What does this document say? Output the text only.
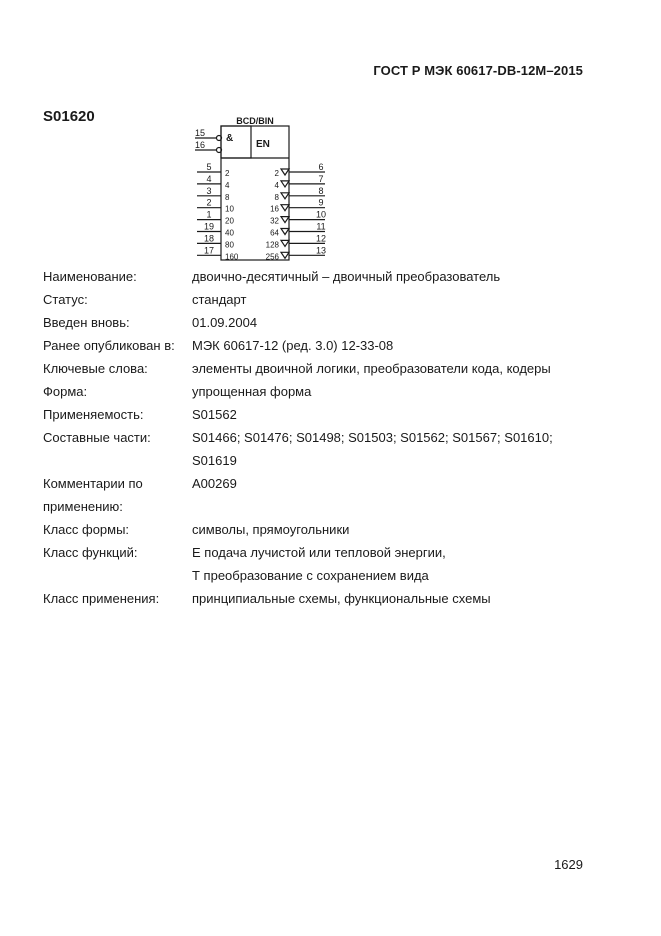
ГОСТ Р МЭК 60617-DB-12M–2015
S01620	BCD/BIN
&
EN
15
16
5
2
4
4
3
8
2
10
1
20
19
40
18
80
17
160
2
6
4
7
8
8
16
9
32
10
64
11
128
12
256
13
Наименование:	двоично-десятичный – двоичный преобразователь
Статус:	стандарт
Введен вновь:	01.09.2004
Ранее опубликован в:	МЭК 60617-12 (ред. 3.0) 12-33-08
Ключевые слова:	элементы двоичной логики, преобразователи кода, кодеры
Форма:	упрощенная форма
Применяемость:	S01562
Составные части:	S01466; S01476; S01498; S01503; S01562; S01567; S01610;
S01619
Комментарии по применению:
A00269
Класс формы:	символы, прямоугольники
Класс функций:	Е подача лучистой или тепловой энергии,
Т преобразование с сохранением вида
Класс применения:	принципиальные схемы, функциональные схемы
1629
